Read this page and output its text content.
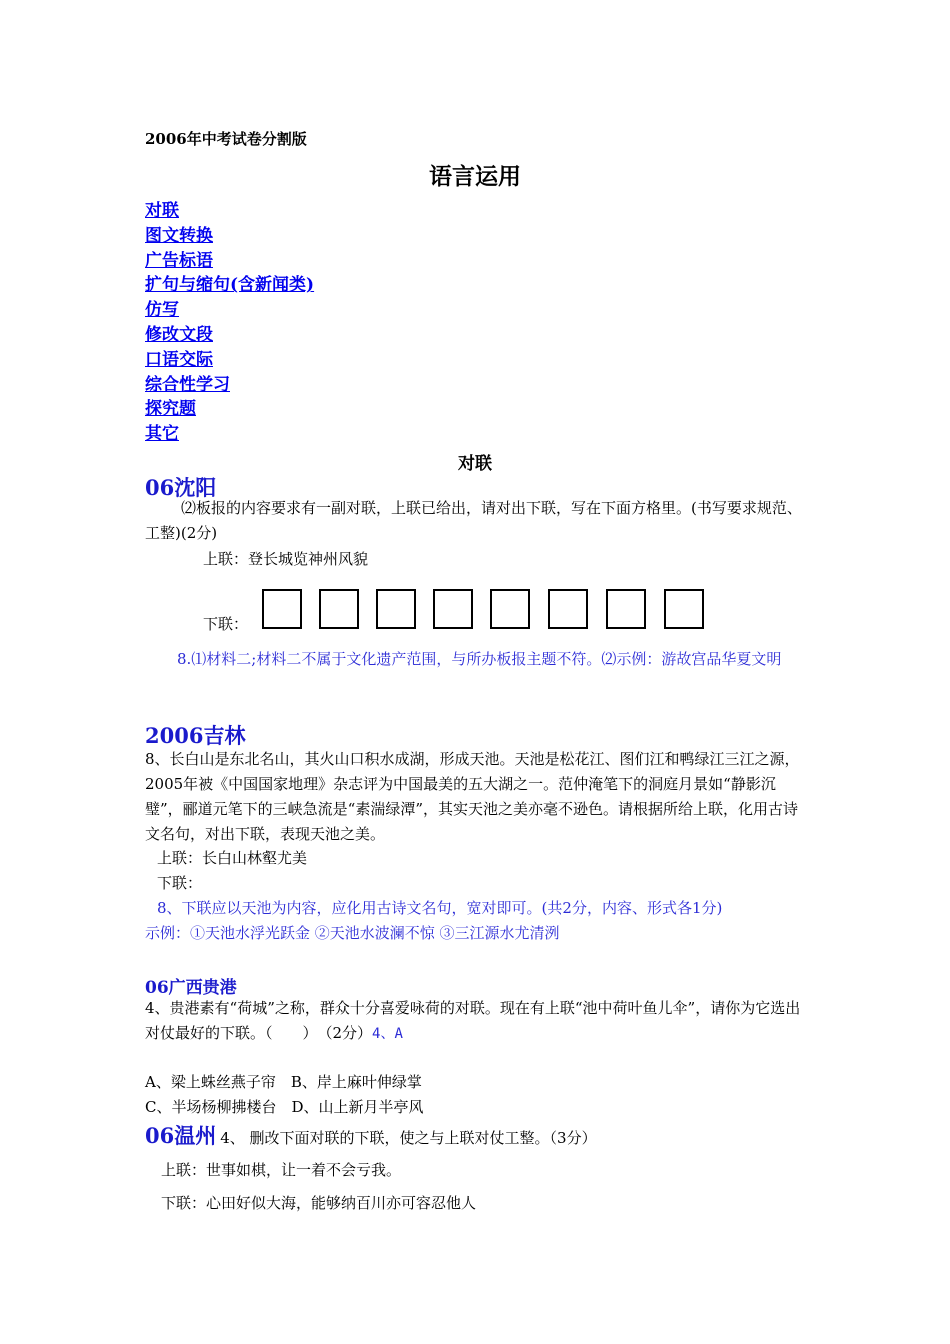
2006年中考试卷分割版
语言运用
对联
图文转换
广告标语
扩句与缩句(含新闻类)
仿写
修改文段
口语交际
综合性学习
探究题
其它
对联
06沈阳
⑵板报的内容要求有一副对联，上联已给出，请对出下联，写在下面方格里。(书写要求规范、工整)(2分)
上联：登长城览神州风貌
下联：
8.⑴材料二;材料二不属于文化遗产范围，与所办板报主题不符。⑵示例：游故宫品华夏文明
2006吉林
8、长白山是东北名山，其火山口积水成湖，形成天池。天池是松花江、图们江和鸭绿江三江之源，2005年被《中国国家地理》杂志评为中国最美的五大湖之一。范仲淹笔下的洞庭月景如“静影沉璧”，郦道元笔下的三峡急流是“素湍绿潭”，其实天池之美亦毫不逊色。请根据所给上联，化用古诗文名句，对出下联，表现天池之美。
上联：长白山林壑尤美
下联：
8、下联应以天池为内容，应化用古诗文名句，宽对即可。(共2分，内容、形式各1分)
示例：①天池水浮光跃金 ②天池水波澜不惊 ③三江源水尤清洌
06广西贵港
4、贵港素有“荷城”之称，群众十分喜爱咏荷的对联。现在有上联“池中荷叶鱼儿伞”，请你为它选出对仗最好的下联。（　　）　（2分）4、A
A、梁上蛛丝燕子帘　B、岸上麻叶伸绿掌
C、半场杨柳拂楼台　D、山上新月半亭风
06温州 4、 删改下面对联的下联，使之与上联对仗工整。（3分）
上联：世事如棋，让一着不会亏我。
下联：心田好似大海，能够纳百川亦可容忍他人
